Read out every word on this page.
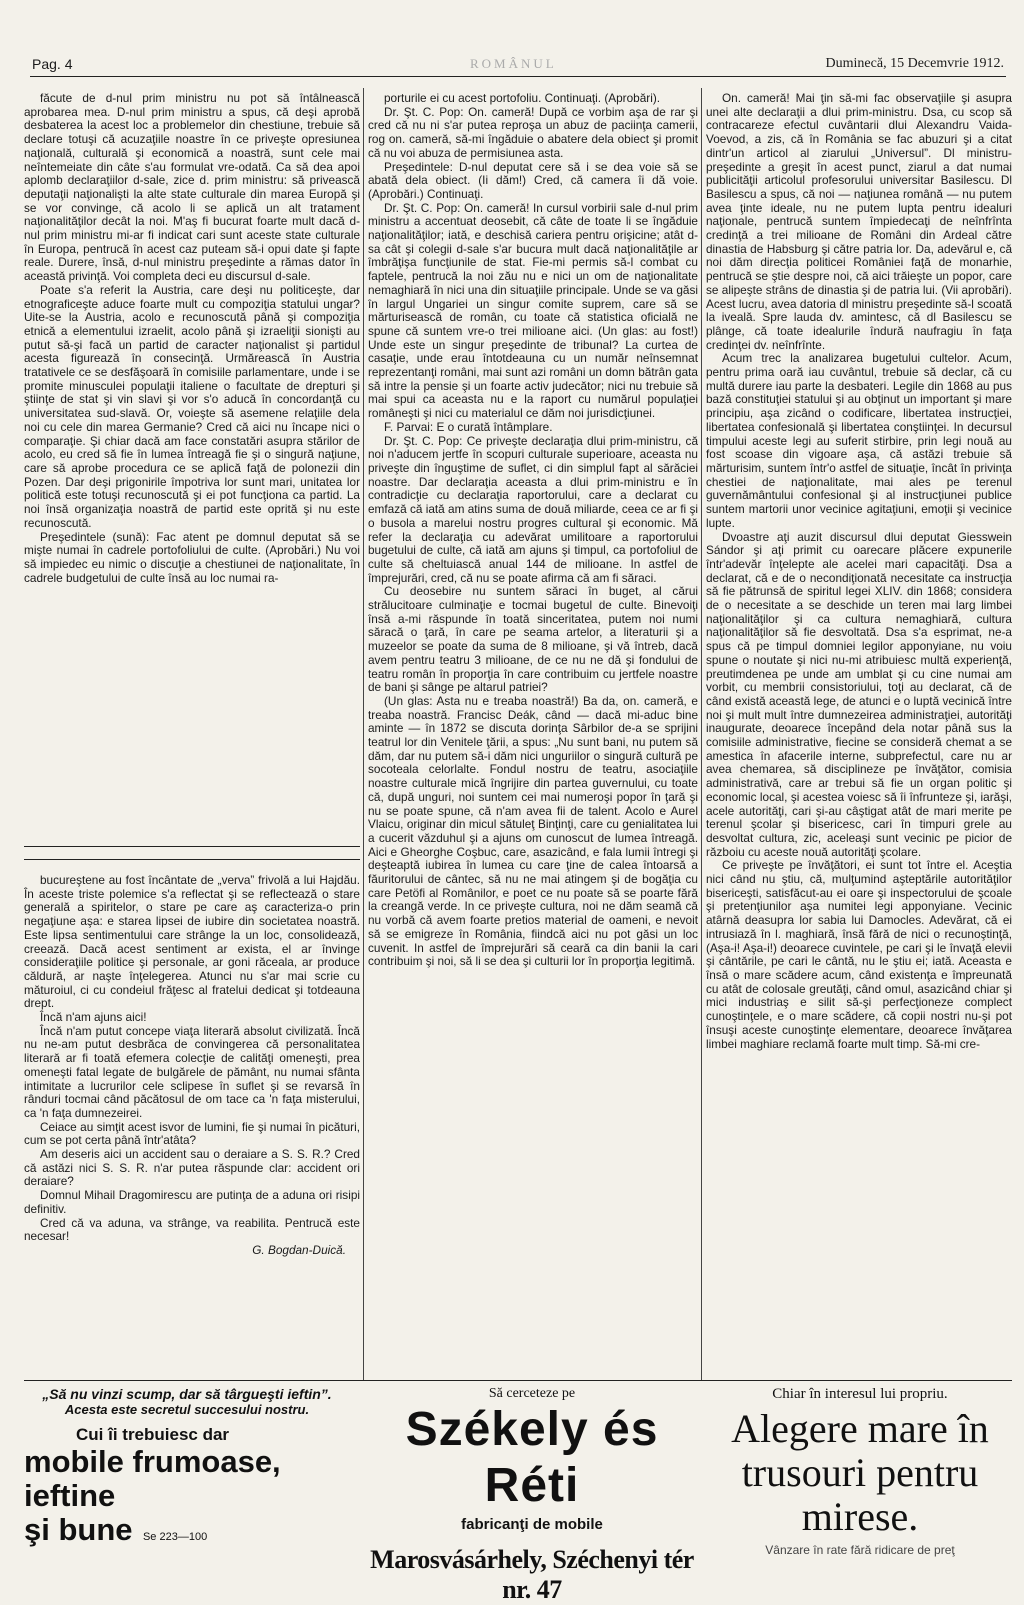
Pag. 4	ROMÂNUL	Duminecă, 15 Decemvrie 1912.

făcute de d-nul prim ministru nu pot să întâlnească aprobarea mea. D-nul prim ministru a spus, că deşi aprobă desbaterea la acest loc a problemelor din chestiune, trebuie să declare totuşi că acuzaţiile noastre în ce priveşte opresiunea naţională, culturală şi economică a noastră, sunt cele mai neîntemeiate din câte s'au formulat vre-odată. Ca să dea apoi aplomb declaraţiilor d-sale, zice d. prim ministru: să privească deputaţii naţionalişti la alte state culturale din marea Europă şi se vor convinge, că acolo li se aplică un alt tratament naţionalităţilor decât la noi. M'aş fi bucurat foarte mult dacă d-nul prim ministru mi-ar fi indicat cari sunt aceste state culturale în Europa, pentrucă în acest caz puteam să-i opui date şi fapte reale. Durere, însă, d-nul ministru preşedinte a rămas dator în aceastǎ privinţă. Voi completa deci eu discursul d-sale.

Poate s'a referit la Austria, care deşi nu politiceşte, dar etnograficeşte aduce foarte mult cu compoziţia statului ungar? Uite-se la Austria, acolo e recunoscută până şi compoziţia etnică a elementului izraelit, acolo până şi izraeliţii sionişti au putut să-şi facă un partid de caracter naţionalist şi partidul acesta figurează în consecinţă. Urmărească în Austria tratativele ce se desfăşoară în comisiile parlamentare, unde i se promite minusculei populaţii italiene o facultate de drepturi şi ştiinţe de stat şi vin slavi şi vor s'o aducă în concordanţă cu universitatea sud-slavă. Or, voieşte să asemene relaţiile dela noi cu cele din marea Germanie? Cred că aici nu încape nici o comparaţie. Şi chiar dacă am face constatări asupra stărilor de acolo, eu cred să fie în lumea întreagă fie şi o singură naţiune, care să aprobe procedura ce se aplică faţă de polonezii din Pozen. Dar deşi prigonirile împotriva lor sunt mari, unitatea lor politică este totuşi recunoscută şi ei pot funcţiona ca partid. La noi însă organizaţia noastră de partid este oprită şi nu este recunoscută.

Preşedintele (sună): Fac atent pe domnul deputat să se mişte numai în cadrele portofoliului de culte. (Aprobări.) Nu voi să impiedec eu nimic o discuţie a chestiunei de naţionalitate, în cadrele budgetului de culte însă au loc numai ra-

bucureştene au fost încântate de „verva” frivolă a lui Hajdău. În aceste triste polemice s'a reflectat şi se reflectează o stare generală a spiritelor, o stare pe care aş caracteriza-o prin negaţiune aşa: e starea lipsei de iubire din societatea noastră. Este lipsa sentimentului care strânge la un loc, consolidează, creează. Dacă acest sentiment ar exista, el ar învinge consideraţiile politice şi personale, ar goni răceala, ar produce căldură, ar naşte înţelegerea. Atunci nu s'ar mai scrie cu măturoiul, ci cu condeiul frăţesc al fratelui dedicat şi totdeauna drept.

Încă n'am ajuns aici!

Încă n'am putut concepe viaţa literară absolut civilizată. Încă nu ne-am putut desbrăca de convingerea că personalitatea literară ar fi toată efemera colecţie de calităţi omeneşti, prea omeneşti fatal legate de bulgărele de pământ, nu numai sfânta intimitate a lucrurilor cele sclipese în suflet şi se revarsă în rânduri tocmai când păcătosul de om tace ca 'n faţa misterului, ca 'n faţa dumnezeirei.

Ceiace au simţit acest isvor de lumini, fie şi numai în picături, cum se pot certa până într'atâta?

Am deseris aici un accident sau o deraiare a S. S. R.? Cred că astăzi nici S. S. R. n'ar putea răspunde clar: accident ori deraiare?

Domnul Mihail Dragomirescu are putinţa de a aduna ori risipi definitiv.

Cred că va aduna, va strânge, va reabilita. Pentrucă este necesar!

G. Bogdan-Duică.

porturile ei cu acest portofoliu. Continuaţi. (Aprobări).

Dr. Şt. C. Pop: On. cameră! După ce vorbim aşa de rar şi cred că nu ni s'ar putea reproşa un abuz de paciinţa camerii, rog on. cameră, să-mi îngăduie o abatere dela obiect şi promit că nu voi abuza de permisiunea asta.

Preşedintele: D-nul deputat cere să i se dea voie să se abată dela obiect. (Ii dăm!) Cred, că camera îi dă voie. (Aprobări.) Continuaţi.

Dr. Şt. C. Pop: On. cameră! In cursul vorbirii sale d-nul prim ministru a accentuat deosebit, că câte de toate li se îngăduie naţionalităţilor; iată, e deschisă cariera pentru orişicine; atât d-sa cât şi colegii d-sale s'ar bucura mult dacă naţionalităţile ar îmbrăţişa funcţiunile de stat. Fie-mi permis să-l combat cu faptele, pentrucă la noi zău nu e nici un om de naţionalitate nemaghiară în nici una din situaţiile principale. Unde se va găsi în largul Ungariei un singur comite suprem, care să se mărturisească de român, cu toate că statistica oficială ne spune că suntem vre-o trei milioane aici. (Un glas: au fost!) Unde este un singur preşedinte de tribunal? La curtea de casaţie, unde erau întotdeauna cu un număr neînsemnat reprezentanţi români, mai sunt azi români un domn bătrân gata să intre la pensie şi un foarte activ judecător; nici nu trebuie să mai spui ca aceasta nu e la raport cu numărul populaţiei româneşti şi nici cu materialul ce dăm noi jurisdicţiunei.

F. Parvai: E o curată întâmplare.

Dr. Şt. C. Pop: Ce priveşte declaraţia dlui prim-ministru, că noi n'aducem jertfe în scopuri culturale superioare, aceasta nu priveşte din înguştime de suflet, ci din simplul fapt al sărăciei noastre. Dar declaraţia aceasta a dlui prim-ministru e în contradicţie cu declaraţia raportorului, care a declarat cu emfază că iată am atins suma de două miliarde, ceea ce ar fi şi o busola a marelui nostru progres cultural şi economic. Mă refer la declaraţia cu adevărat umilitoare a raportorului bugetului de culte, că iată am ajuns şi timpul, ca portofoliul de culte să cheltuiască anual 144 de milioane. In astfel de împrejurări, cred, că nu se poate afirma că am fi săraci.

Cu deosebire nu suntem săraci în buget, al cărui strălucitoare culminaţie e tocmai bugetul de culte. Binevoiţi însă a-mi răspunde în toată sinceritatea, putem noi numi săracă o ţară, în care pe seama artelor, a literaturii şi a muzeelor se poate da suma de 8 milioane, şi vă întreb, dacă avem pentru teatru 3 milioane, de ce nu ne dă şi fondului de teatru român în proporţia în care contribuim cu jertfele noastre de bani şi sânge pe altarul patriei?

(Un glas: Asta nu e treaba noastră!) Ba da, on. cameră, e treaba noastră. Francisc Deák, când — dacă mi-aduc bine aminte — în 1872 se discuta dorinţa Sârbilor de-a se sprijini teatrul lor din Venitele ţării, a spus: „Nu sunt bani, nu putem să dăm, dar nu putem să-i dăm nici unguriilor o singură cultură pe socoteala celorlalte. Fondul nostru de teatru, asociaţiile noastre culturale mică îngrijire din partea guvernului, cu toate că, după unguri, noi suntem cei mai numeroşi popor în ţară şi nu se poate spune, că n'am avea fii de talent. Acolo e Aurel Vlaicu, originar din micul sătuleţ Binţinţi, care cu genialitatea lui a cucerit văzduhul şi a ajuns om cunoscut de lumea întreagă. Aici e Gheorghe Coşbuc, care, asazicând, e fala lumii întregi şi deşteaptă iubirea în lumea cu care ţine de calea întoarsă a făuritorului de cântec, să nu ne mai atingem şi de bogăţia cu care Petöfi al Românilor, e poet ce nu poate să se poarte fără la creangă verde. In ce priveşte cultura, noi ne dăm seamă că nu vorbă că avem foarte pretios material de oameni, e nevoit să se emigreze în România, fiindcă aici nu pot găsi un loc cuvenit. In astfel de împrejurări să ceară ca din banii la cari contribuim şi noi, să li se dea şi culturii lor în proporţia legitimă.

On. cameră! Mai ţin să-mi fac observaţiile şi asupra unei alte declaraţii a dlui prim-ministru. Dsa, cu scop să contracareze efectul cuvântarii dlui Alexandru Vaida-Voevod, a zis, că în România se fac abuzuri şi a citat dintr'un articol al ziarului „Universul”. Dl ministru-preşedinte a greşit în acest punct, ziarul a dat numai publicităţii articolul profesorului universitar Basilescu. Dl Basilescu a spus, că noi — naţiunea română — nu putem avea ţinte ideale, nu ne putem lupta pentru idealuri naţionale, pentrucă suntem împiedecaţi de neînfrînta credinţă a trei milioane de Români din Ardeal către dinastia de Habsburg şi către patria lor. Da, adevărul e, că noi dăm direcţia politicei României faţă de monarhie, pentrucă se ştie despre noi, că aici trăieşte un popor, care se alipeşte strâns de dinastia şi de patria lui. (Vii aprobări). Acest lucru, avea datoria dl ministru preşedinte să-l scoată la iveală. Spre lauda dv. amintesc, că dl Basilescu se plânge, că toate idealurile îndură naufragiu în faţa credinţei dv. neînfrînte.

Acum trec la analizarea bugetului cultelor. Acum, pentru prima oară iau cuvântul, trebuie să declar, că cu multă durere iau parte la desbateri. Legile din 1868 au pus bază constituţiei statului şi au obţinut un important şi mare principiu, aşa zicând o codificare, libertatea instrucţiei, libertatea confesională şi libertatea conştiinţei. In decursul timpului aceste legi au suferit stirbire, prin legi nouă au fost scoase din vigoare aşa, că astăzi trebuie să mărturisim, suntem într'o astfel de situaţie, încât în privinţa chestiei de naţionalitate, mai ales pe terenul guvernământului confesional şi al instrucţiunei publice suntem martorii unor vecinice agitaţiuni, emoţii şi vecinice lupte.

Dvoastre aţi auzit discursul dlui deputat Giesswein Sándor şi aţi primit cu oarecare plăcere expunerile într'adevăr înţelepte ale acelei mari capacităţi. Dsa a declarat, că e de o necondiţionată necesitate ca instrucţia să fie pătrunsă de spiritul legei XLIV. din 1868; considera de o necesitate a se deschide un teren mai larg limbei naţionalităţilor şi ca cultura nemaghiară, cultura naţionalităţilor să fie desvoltată. Dsa s'a esprimat, ne-a spus că pe timpul domniei legilor apponyiane, nu voiu spune o noutate şi nici nu-mi atribuiesc multă experienţă, preutimdenea pe unde am umblat şi cu cine numai am vorbit, cu membrii consistoriului, toţi au declarat, că de când există această lege, de atunci e o luptă vecinică între noi şi mult mult între dumnezeirea administraţiei, autorităţi inaugurate, deoarece începând dela notar până sus la comisiile administrative, fiecine se consideră chemat a se amestica în afacerile interne, subprefectul, care nu ar avea chemarea, să disciplineze pe învăţător, comisia administrativă, care ar trebui să fie un organ politic şi economic local, şi acestea voiesc să îi înfrunteze şi, iarăşi, acele autorităţi, cari şi-au câştigat atât de mari merite pe terenul şcolar şi bisericesc, cari în timpuri grele au desvoltat cultura, zic, aceleaşi sunt vecinic pe picior de războiu cu aceste nouă autorităţi şcolare.

Ce priveşte pe învăţători, ei sunt tot între el. Aceştia nici când nu ştiu, că, mulţumind aşteptările autorităţilor bisericeşti, satisfăcut-au ei oare şi inspectorului de şcoale şi pretenţiunilor aşa numitei legi apponyiane. Vecinic atârnă deasupra lor sabia lui Damocles. Adevărat, că ei intrusiază în l. maghiară, însă fără de nici o recunoştinţă, (Aşa-i! Aşa-i!) deoarece cuvintele, pe cari şi le învaţă elevii şi cântările, pe cari le cântă, nu le ştiu ei; iată. Aceasta e însă o mare scădere acum, când existenţa e împreunată cu atât de colosale greutăţi, când omul, asazicând chiar şi mici industriaş e silit să-şi perfecţioneze complect cunoştinţele, e o mare scădere, că copii nostri nu-şi pot însuşi aceste cunoştinţe elementare, deoarece învăţarea limbei maghiare reclamă foarte mult timp. Să-mi cre-

„Să nu vinzi scump, dar să târgueşti ieftin”.
Acesta este secretul succesului nostru.
Cui îi trebuiesc dar
mobile frumoase, ieftine
şi bune Se 223—100
Să cerceteze pe
Székely és Réti
fabricanţi de mobile
Marosvásárhely, Széchenyi tér nr. 47
Chiar în interesul lui propriu.
Alegere mare în trusouri pentru mirese.
Vânzare în rate fără ridicare de preţ
